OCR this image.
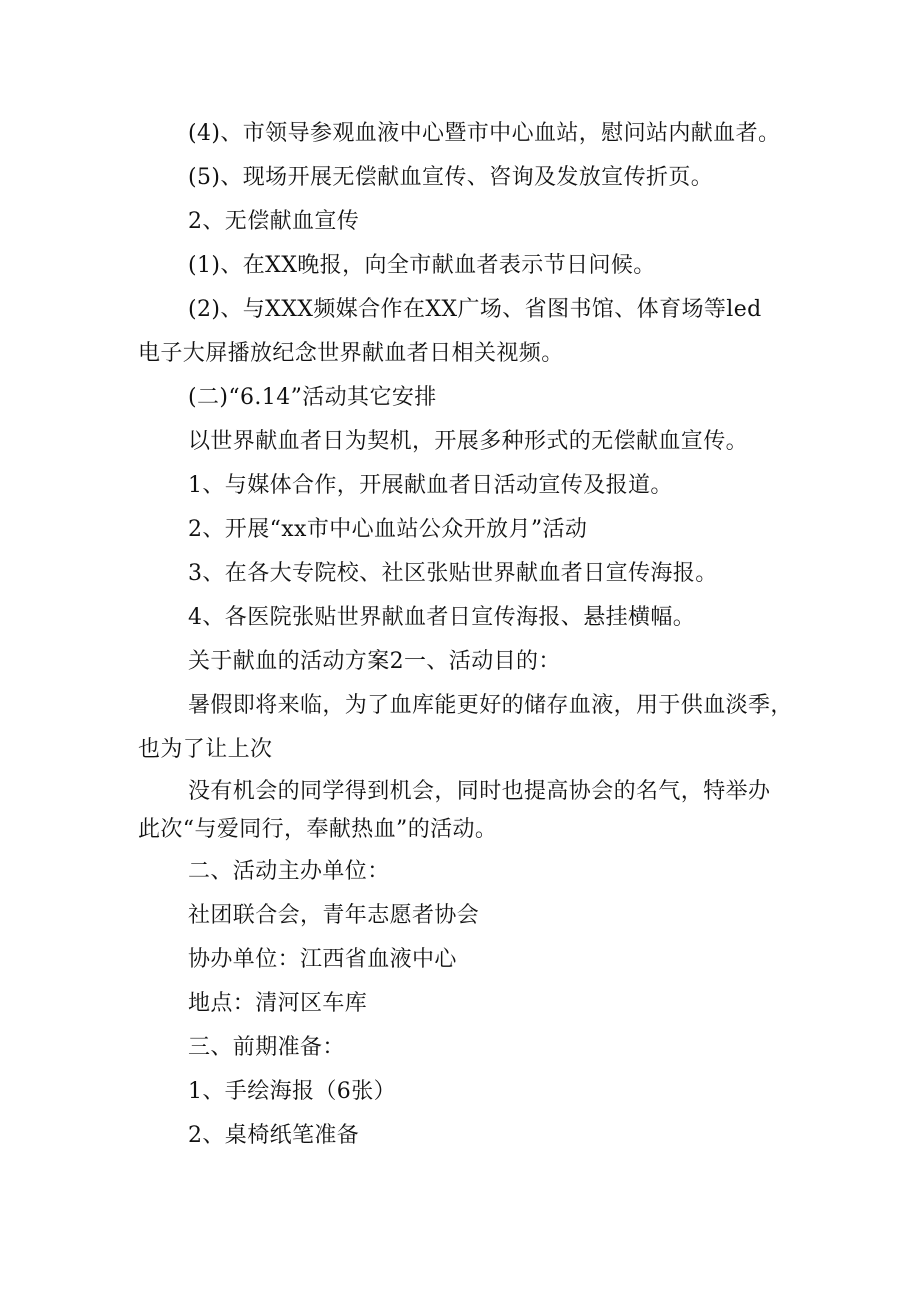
(4)、市领导参观血液中心暨市中心血站，慰问站内献血者。
(5)、现场开展无偿献血宣传、咨询及发放宣传折页。
2、无偿献血宣传
(1)、在XX晚报，向全市献血者表示节日问候。
(2)、与XXX频媒合作在XX广场、省图书馆、体育场等led
电子大屏播放纪念世界献血者日相关视频。
(二)“6.14”活动其它安排
以世界献血者日为契机，开展多种形式的无偿献血宣传。
1、与媒体合作，开展献血者日活动宣传及报道。
2、开展“xx市中心血站公众开放月”活动
3、在各大专院校、社区张贴世界献血者日宣传海报。
4、各医院张贴世界献血者日宣传海报、悬挂横幅。
关于献血的活动方案2一、活动目的：
暑假即将来临，为了血库能更好的储存血液，用于供血淡季，
也为了让上次
没有机会的同学得到机会，同时也提高协会的名气，特举办
此次“与爱同行，奉献热血”的活动。
二、活动主办单位：
社团联合会，青年志愿者协会
协办单位：江西省血液中心
地点：清河区车库
三、前期准备：
1、手绘海报（6张）
2、桌椅纸笔准备
